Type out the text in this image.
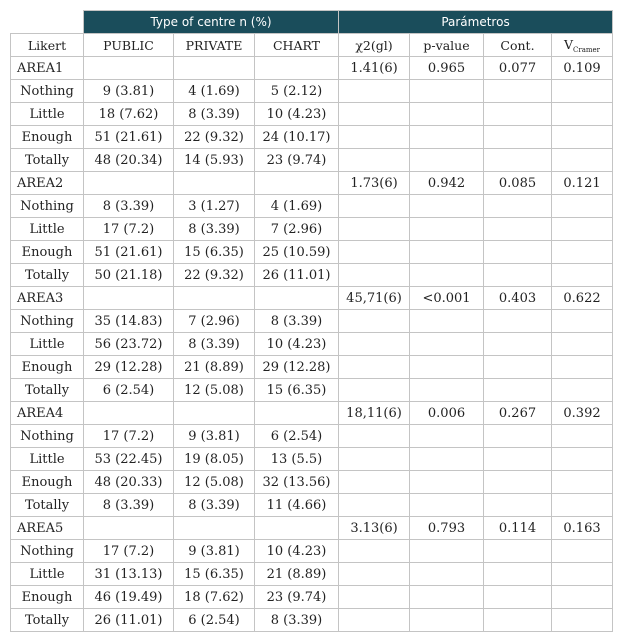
	Type of centre n (%)			Parámetros			
Likert	PUBLIC	PRIVATE	CHART	χ2(gl)	p-value	Cont.	$V_{Cramer}$
AREA1				1.41(6)	0.965	0.077	0.109
Nothing	9 (3.81)	4 (1.69)	5 (2.12)				
Little	18 (7.62)	8 (3.39)	10 (4.23)				
Enough	51 (21.61)	22 (9.32)	24 (10.17)				
Totally	48 (20.34)	14 (5.93)	23 (9.74)				
AREA2				1.73(6)	0.942	0.085	0.121
Nothing	8 (3.39)	3 (1.27)	4 (1.69)				
Little	17 (7.2)	8 (3.39)	7 (2.96)				
Enough	51 (21.61)	15 (6.35)	25 (10.59)				
Totally	50 (21.18)	22 (9.32)	26 (11.01)				
AREA3				45,71(6)	<0.001	0.403	0.622
Nothing	35 (14.83)	7 (2.96)	8 (3.39)				
Little	56 (23.72)	8 (3.39)	10 (4.23)				
Enough	29 (12.28)	21 (8.89)	29 (12.28)				
Totally	6 (2.54)	12 (5.08)	15 (6.35)				
AREA4				18,11(6)	0.006	0.267	0.392
Nothing	17 (7.2)	9 (3.81)	6 (2.54)				
Little	53 (22.45)	19 (8.05)	13 (5.5)				
Enough	48 (20.33)	12 (5.08)	32 (13.56)				
Totally	8 (3.39)	8 (3.39)	11 (4.66)				
AREA5				3.13(6)	0.793	0.114	0.163
Nothing	17 (7.2)	9 (3.81)	10 (4.23)				
Little	31 (13.13)	15 (6.35)	21 (8.89)				
Enough	46 (19.49)	18 (7.62)	23 (9.74)				
Totally	26 (11.01)	6 (2.54)	8 (3.39)				
